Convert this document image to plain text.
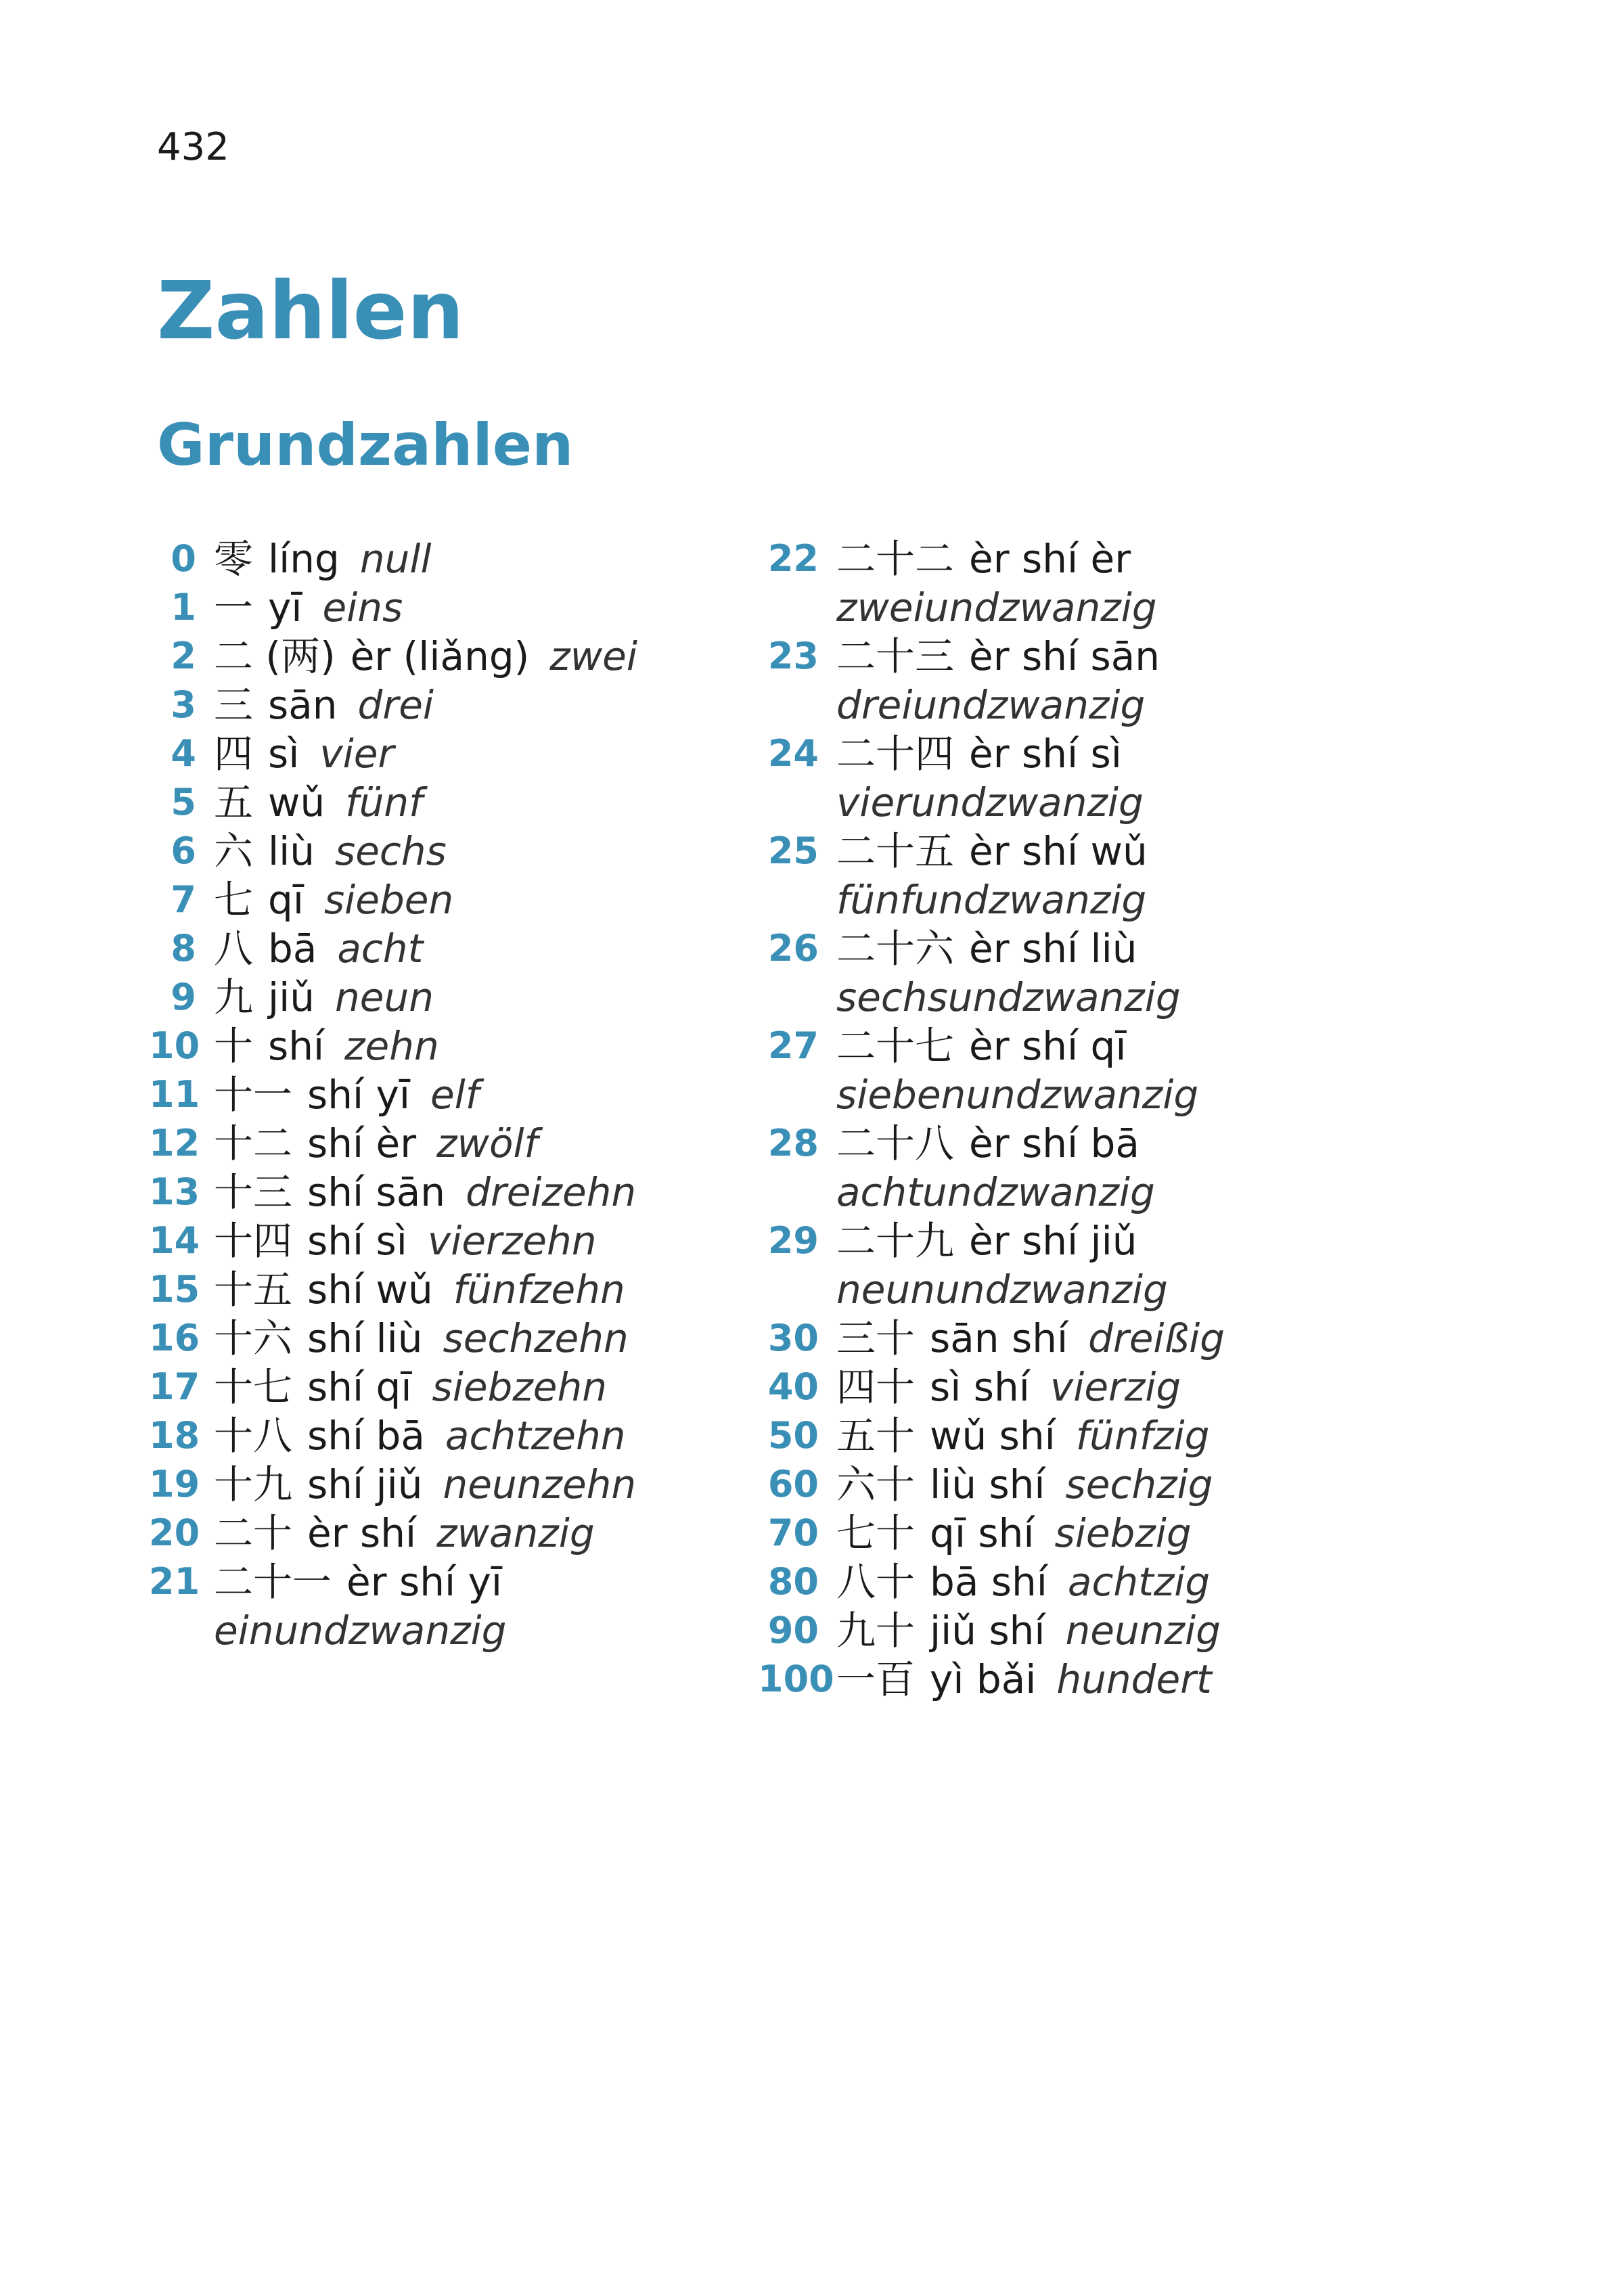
432
Zahlen
Grundzahlen
0 零 líng null
1 一 yī eins
2 二 (两) èr (liǎng) zwei
3 三 sān drei
4 四 sì vier
5 五 wǔ fünf
6 六 liù sechs
7 七 qī sieben
8 八 bā acht
9 九 jiǔ neun
10 十 shí zehn
11 十一 shí yī elf
12 十二 shí èr zwölf
13 十三 shí sān dreizehn
14 十四 shí sì vierzehn
15 十五 shí wǔ fünfzehn
16 十六 shí liù sechzehn
17 十七 shí qī siebzehn
18 十八 shí bā achtzehn
19 十九 shí jiǔ neunzehn
20 二十 èr shí zwanzig
21 二十一 èr shí yī
einundzwanzig
22 二十二 èr shí èr
zweiundzwanzig
23 二十三 èr shí sān
dreiundzwanzig
24 二十四 èr shí sì
vierundzwanzig
25 二十五 èr shí wǔ
fünfundzwanzig
26 二十六 èr shí liù
sechsundzwanzig
27 二十七 èr shí qī
siebenundzwanzig
28 二十八 èr shí bā
achtundzwanzig
29 二十九 èr shí jiǔ
neunundzwanzig
30 三十 sān shí dreißig
40 四十 sì shí vierzig
50 五十 wǔ shí fünfzig
60 六十 liù shí sechzig
70 七十 qī shí siebzig
80 八十 bā shí achtzig
90 九十 jiǔ shí neunzig
100 一百 yì bǎi hundert
